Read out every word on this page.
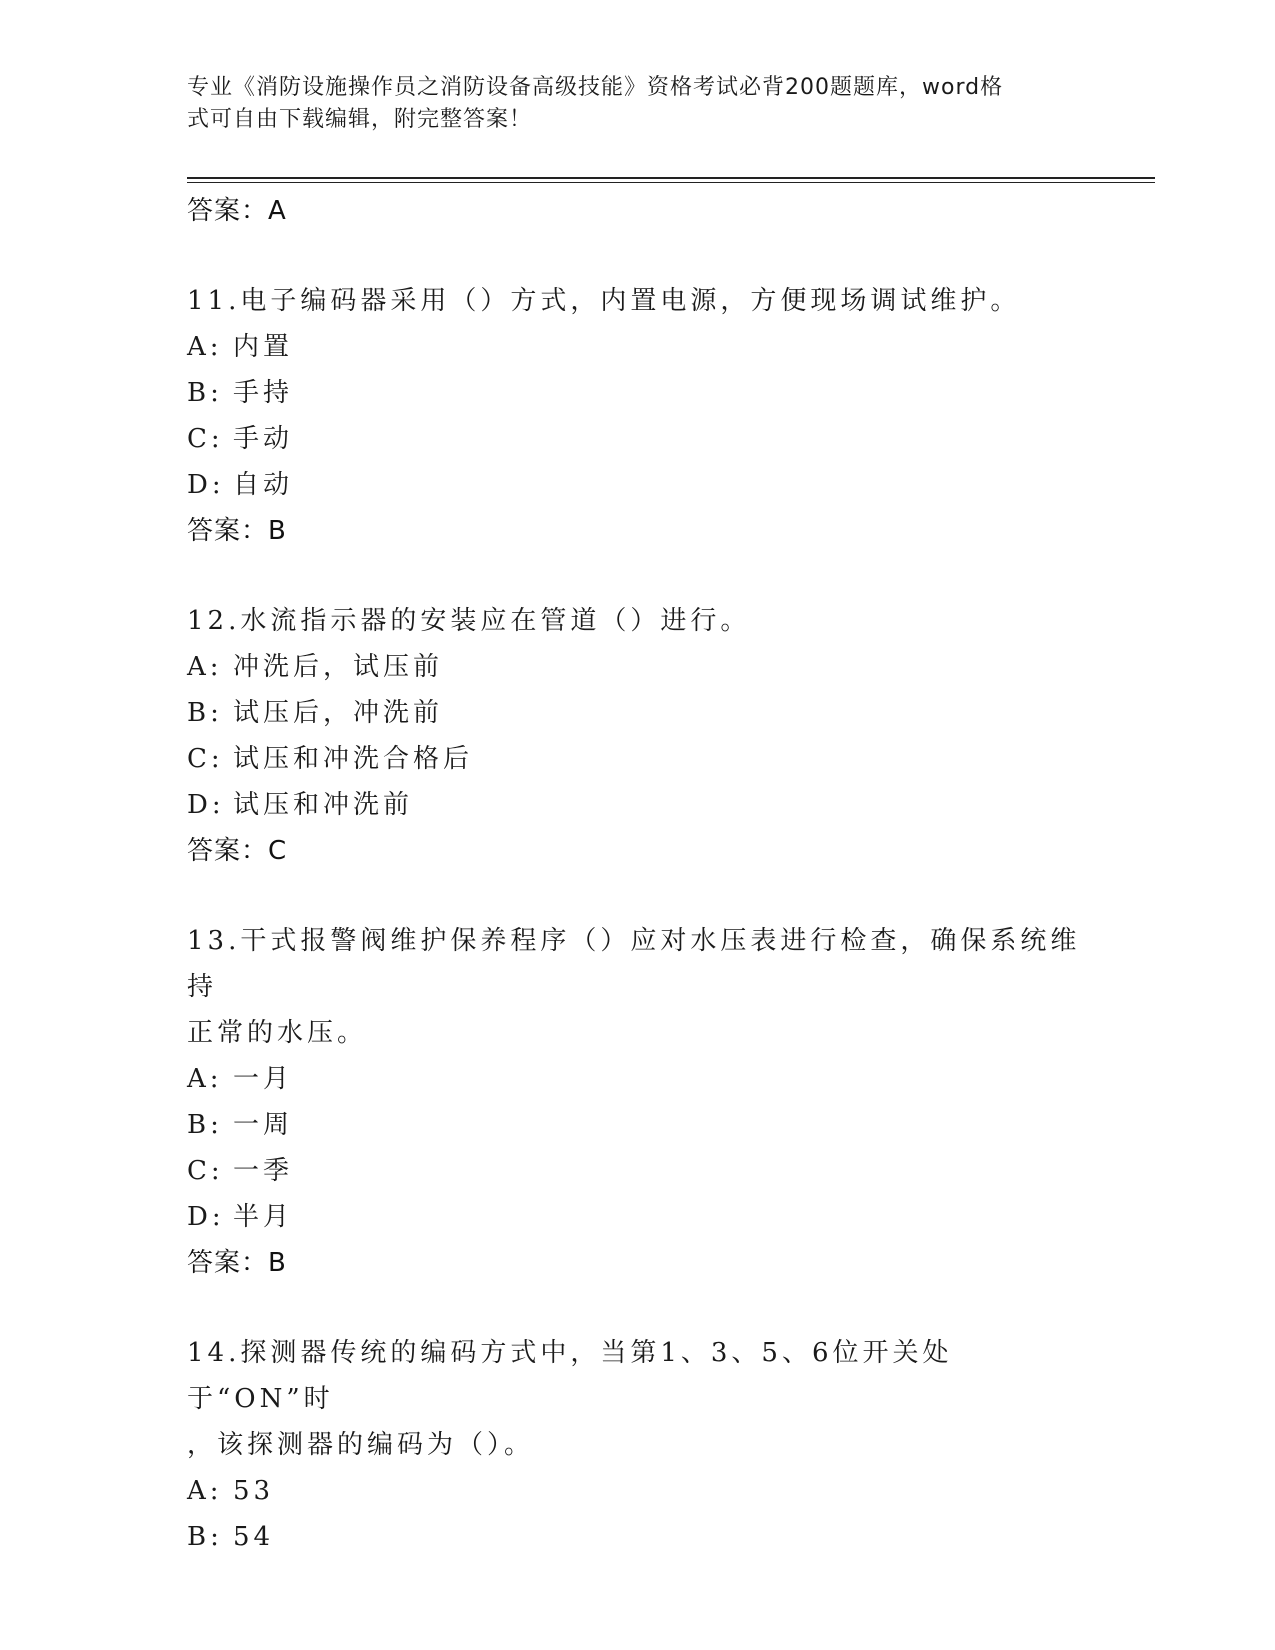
专业《消防设施操作员之消防设备高级技能》资格考试必背200题题库，word格
式可自由下载编辑，附完整答案！
答案：A
11.电子编码器采用（）方式，内置电源，方便现场调试维护。
A: 内置
B: 手持
C: 手动
D: 自动
答案：B
12.水流指示器的安装应在管道（）进行。
A: 冲洗后，试压前
B: 试压后，冲洗前
C: 试压和冲洗合格后
D: 试压和冲洗前
答案：C
13.干式报警阀维护保养程序（）应对水压表进行检查，确保系统维持
正常的水压。
A: 一月
B: 一周
C: 一季
D: 半月
答案：B
14.探测器传统的编码方式中，当第1、3、5、6位开关处于“ON”时
，该探测器的编码为（）。
A: 53
B: 54
